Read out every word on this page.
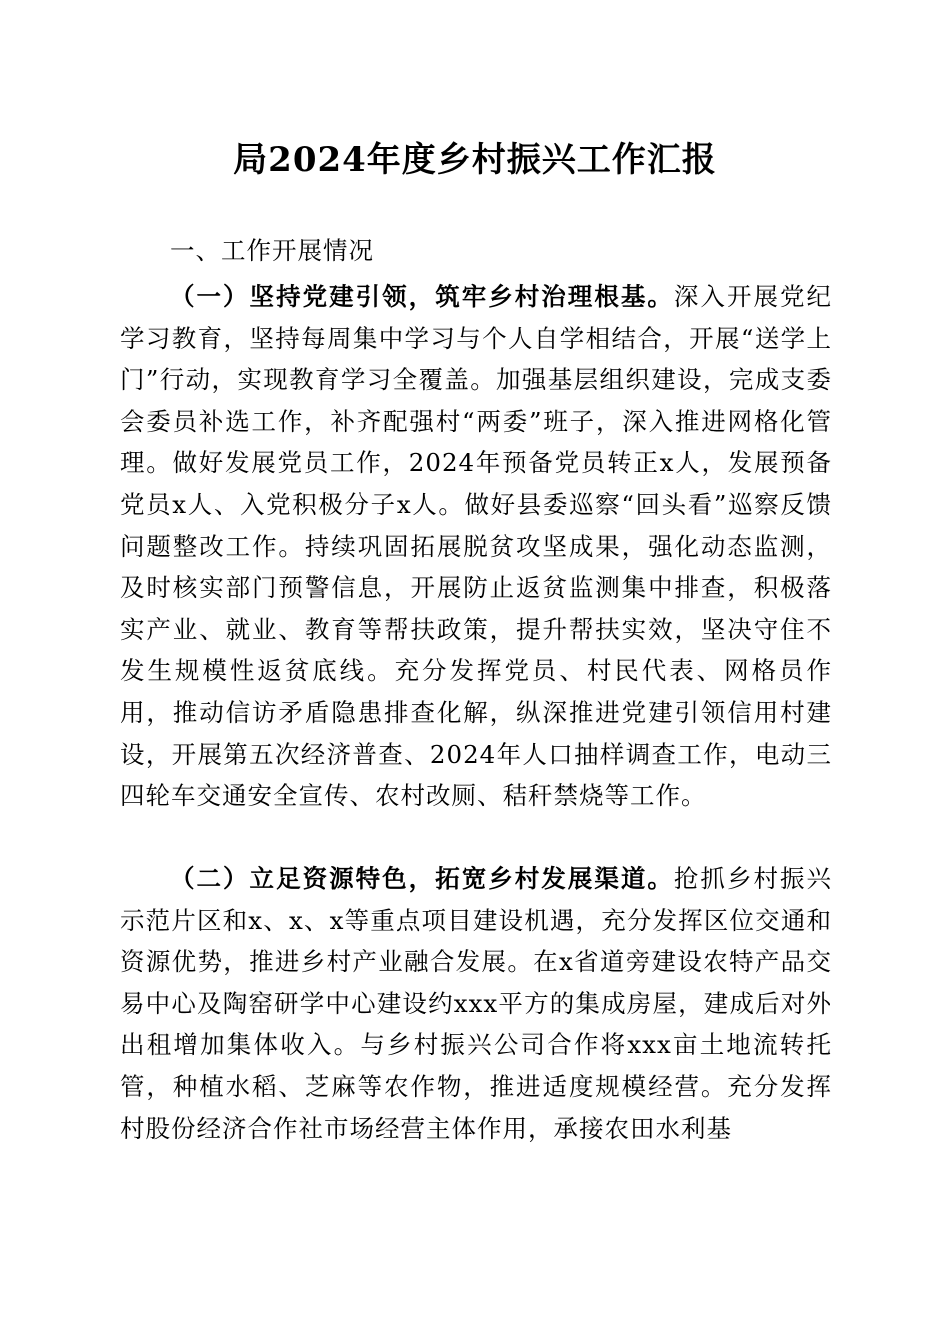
局2024年度乡村振兴工作汇报
一、工作开展情况
（一）坚持党建引领，筑牢乡村治理根基。深入开展党纪学习教育，坚持每周集中学习与个人自学相结合，开展“送学上门”行动，实现教育学习全覆盖。加强基层组织建设，完成支委会委员补选工作，补齐配强村“两委”班子，深入推进网格化管理。做好发展党员工作，2024年预备党员转正x人，发展预备党员x人、入党积极分子x人。做好县委巡察“回头看”巡察反馈问题整改工作。持续巩固拓展脱贫攻坚成果，强化动态监测，及时核实部门预警信息，开展防止返贫监测集中排查，积极落实产业、就业、教育等帮扶政策，提升帮扶实效，坚决守住不发生规模性返贫底线。充分发挥党员、村民代表、网格员作用，推动信访矛盾隐患排查化解，纵深推进党建引领信用村建设，开展第五次经济普查、2024年人口抽样调查工作，电动三四轮车交通安全宣传、农村改厕、秸秆禁烧等工作。
（二）立足资源特色，拓宽乡村发展渠道。抢抓乡村振兴示范片区和x、x、x等重点项目建设机遇，充分发挥区位交通和资源优势，推进乡村产业融合发展。在x省道旁建设农特产品交易中心及陶窑研学中心建设约xxx平方的集成房屋，建成后对外出租增加集体收入。与乡村振兴公司合作将xxx亩土地流转托管，种植水稻、芝麻等农作物，推进适度规模经营。充分发挥村股份经济合作社市场经营主体作用，承接农田水利基
